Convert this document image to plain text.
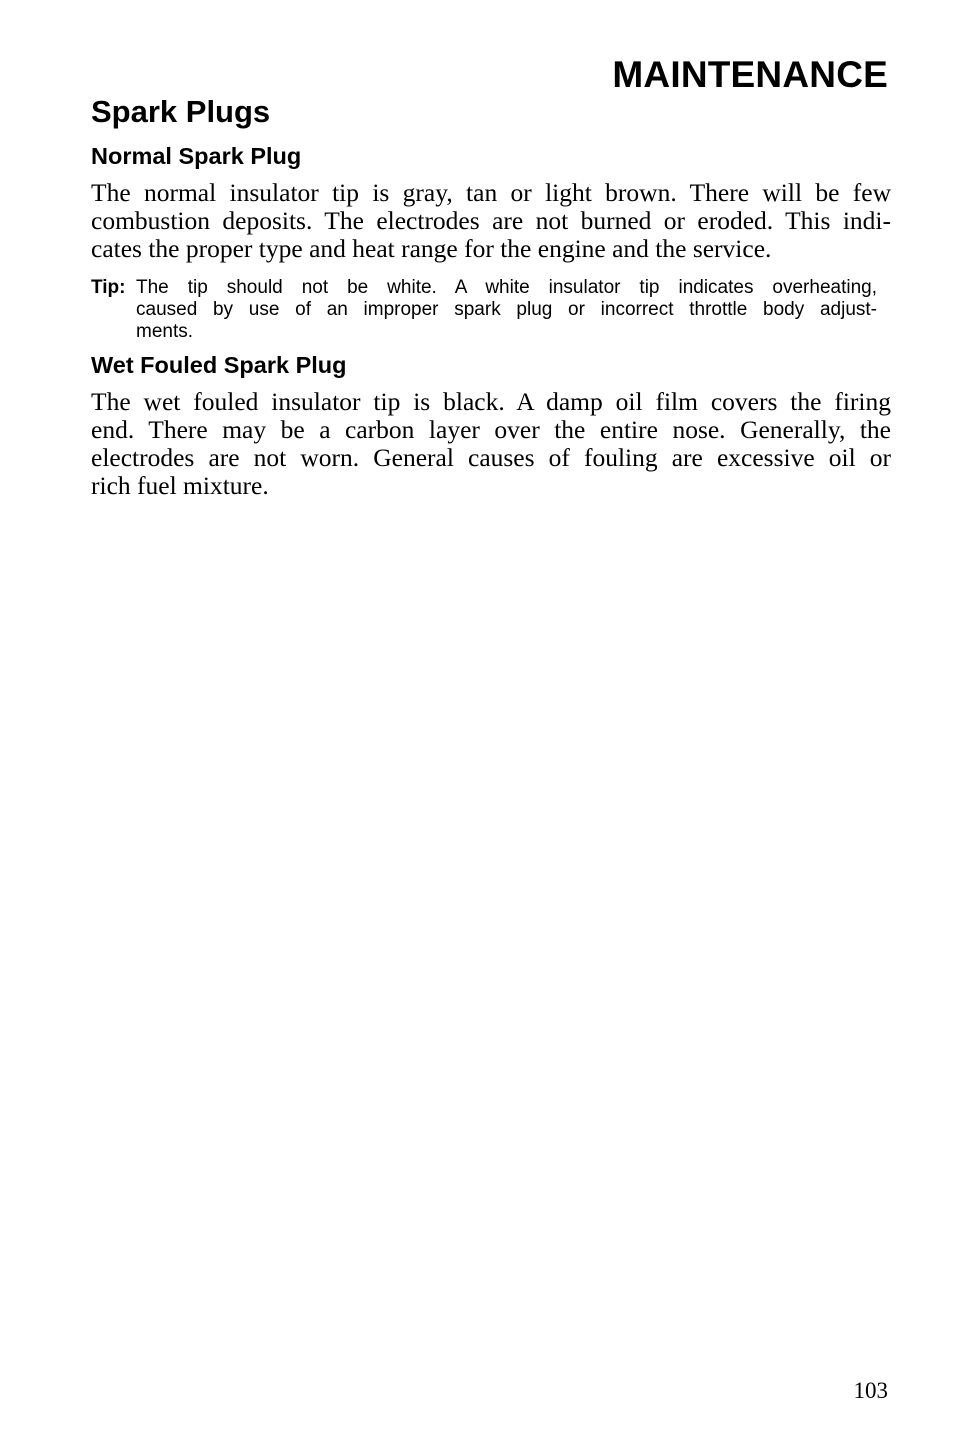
MAINTENANCE
Spark Plugs
Normal Spark Plug

The normal insulator tip is gray, tan or light brown. There will be few
combustion deposits. The electrodes are not burned or eroded. This indi-
cates the proper type and heat range for the engine and the service.

Tip: The tip should not be white. A white insulator tip indicates overheating,
caused by use of an improper spark plug or incorrect throttle body adjust-
ments.
Wet Fouled Spark Plug

The wet fouled insulator tip is black. A damp oil film covers the firing
end. There may be a carbon layer over the entire nose. Generally, the
electrodes are not worn. General causes of fouling are excessive oil or
rich fuel mixture.

103
